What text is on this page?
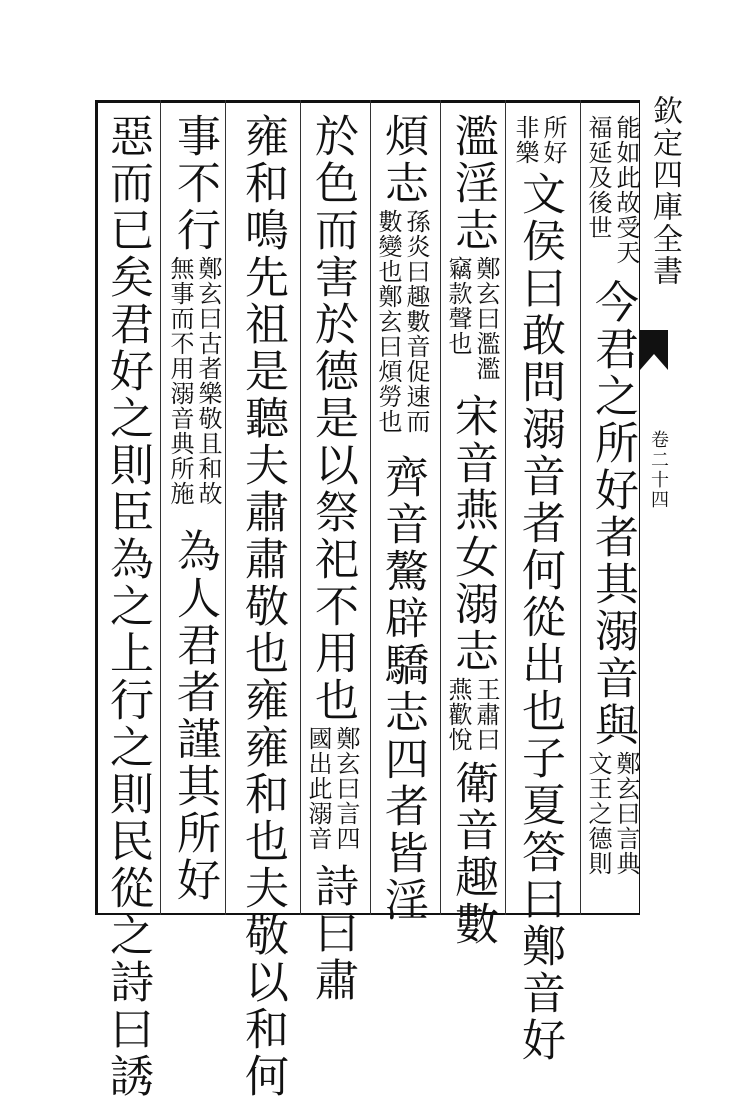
欽定四庫全書
卷二十四
能如此故受天
福延及後世
今君之所好者其溺音與
鄭玄曰言典
文王之德則
所好
非樂
文侯曰敢問溺音者何從出也子夏答曰鄭音好
濫淫志
鄭玄曰濫濫
竊款聲也
宋音燕女溺志
王肅曰
燕歡悅
衛音趣數
煩志
孫炎曰趣數音促速而
數變也鄭玄曰煩勞也
齊音驁辟驕志四者皆淫
於色而害於德是以祭祀不用也
鄭玄曰言四
國出此溺音
詩曰肅
雍和鳴先祖是聽夫肅肅敬也雍雍和也夫敬以和何
事不行
鄭玄曰古者樂敬且和故
無事而不用溺音典所施
為人君者謹其所好
惡而已矣君好之則臣為之上行之則民從之詩曰誘
